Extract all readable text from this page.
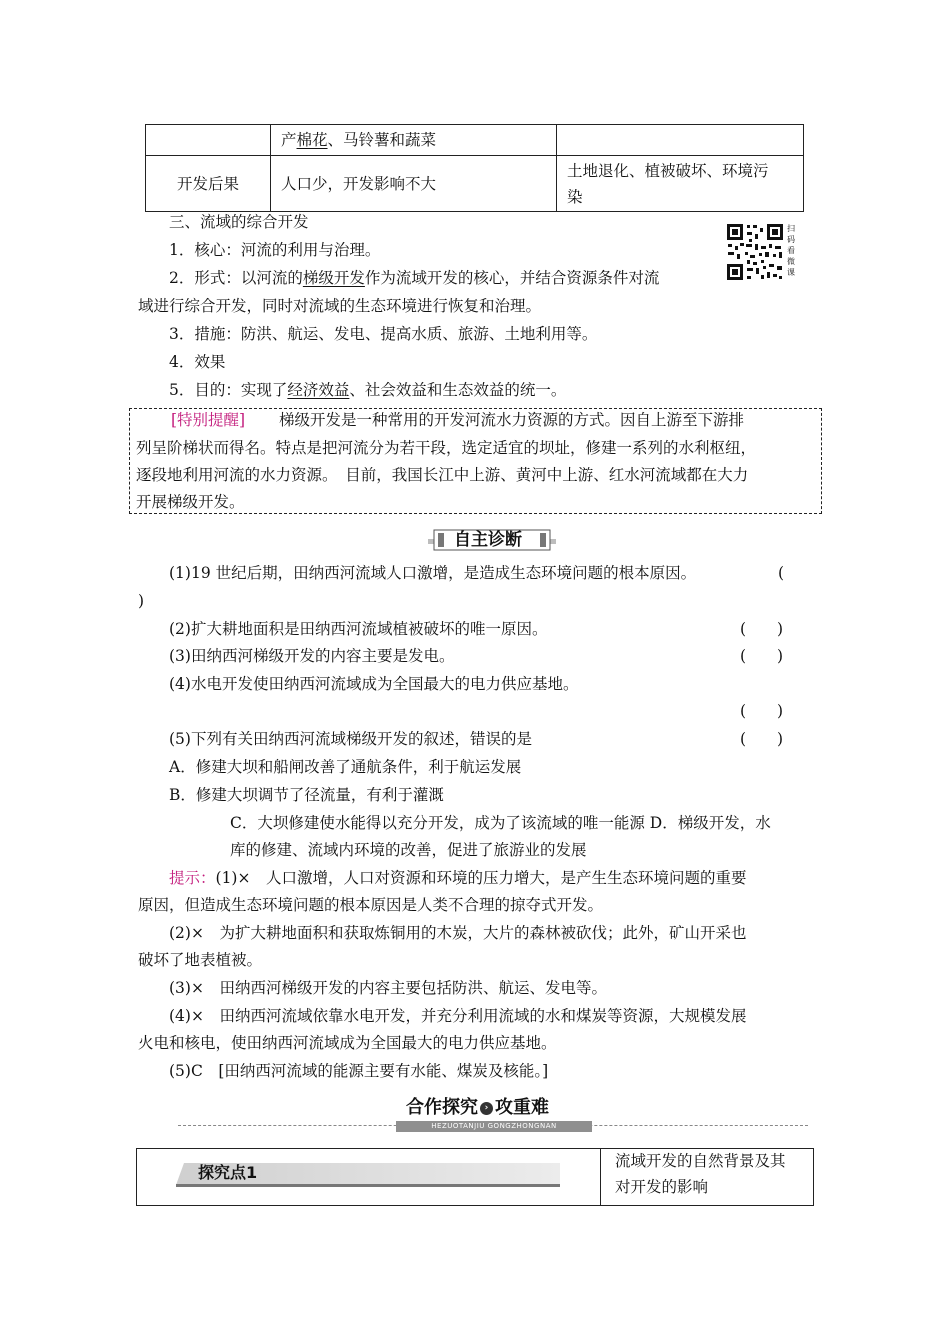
	产棉花、马铃薯和蔬菜	
开发后果	人口少，开发影响不大	土地退化、植被破坏、环境污
染
三、流域的综合开发
1．核心：河流的利用与治理。
2．形式：以河流的梯级开发作为流域开发的核心，并结合资源条件对流
域进行综合开发，同时对流域的生态环境进行恢复和治理。
3．措施：防洪、航运、发电、提高水质、旅游、土地利用等。
4．效果
5．目的：实现了经济效益、社会效益和生态效益的统一。
扫
码
看
微
课
[特别提醒] 梯级开发是一种常用的开发河流水力资源的方式。因自上游至下游排
列呈阶梯状而得名。特点是把河流分为若干段，选定适宜的坝址，修建一系列的水利枢纽，
逐段地利用河流的水力资源。　目前，我国长江中上游、黄河中上游、红水河流域都在大力
开展梯级开发。
自主诊断
(1)19 世纪后期，田纳西河流域人口激增，是造成生态环境问题的根本原因。	(
)
(2)扩大耕地面积是田纳西河流域植被破坏的唯一原因。	(　　)
(3)田纳西河梯级开发的内容主要是发电。	(　　)
(4)水电开发使田纳西河流域成为全国最大的电力供应基地。
(　　)
(5)下列有关田纳西河流域梯级开发的叙述，错误的是	(　　)
A．修建大坝和船闸改善了通航条件，利于航运发展
B．修建大坝调节了径流量，有利于灌溉
C．大坝修建使水能得以充分开发，成为了该流域的唯一能源 D．梯级开发，水
库的修建、流域内环境的改善，促进了旅游业的发展
提示：(1)×　人口激增，人口对资源和环境的压力增大，是产生生态环境问题的重要
原因，但造成生态环境问题的根本原因是人类不合理的掠夺式开发。
(2)×　为扩大耕地面积和获取炼铜用的木炭，大片的森林被砍伐；此外，矿山开采也
破坏了地表植被。
(3)×　田纳西河梯级开发的内容主要包括防洪、航运、发电等。
(4)×　田纳西河流域依靠水电开发，并充分利用流域的水和煤炭等资源，大规模发展
火电和核电，使田纳西河流域成为全国最大的电力供应基地。
(5)C　[田纳西河流域的能源主要有水能、煤炭及核能。]
合作探究 › 攻重难
HEZUOTANJIU GONGZHONGNAN
探究点1
流域开发的自然背景及其
对开发的影响
